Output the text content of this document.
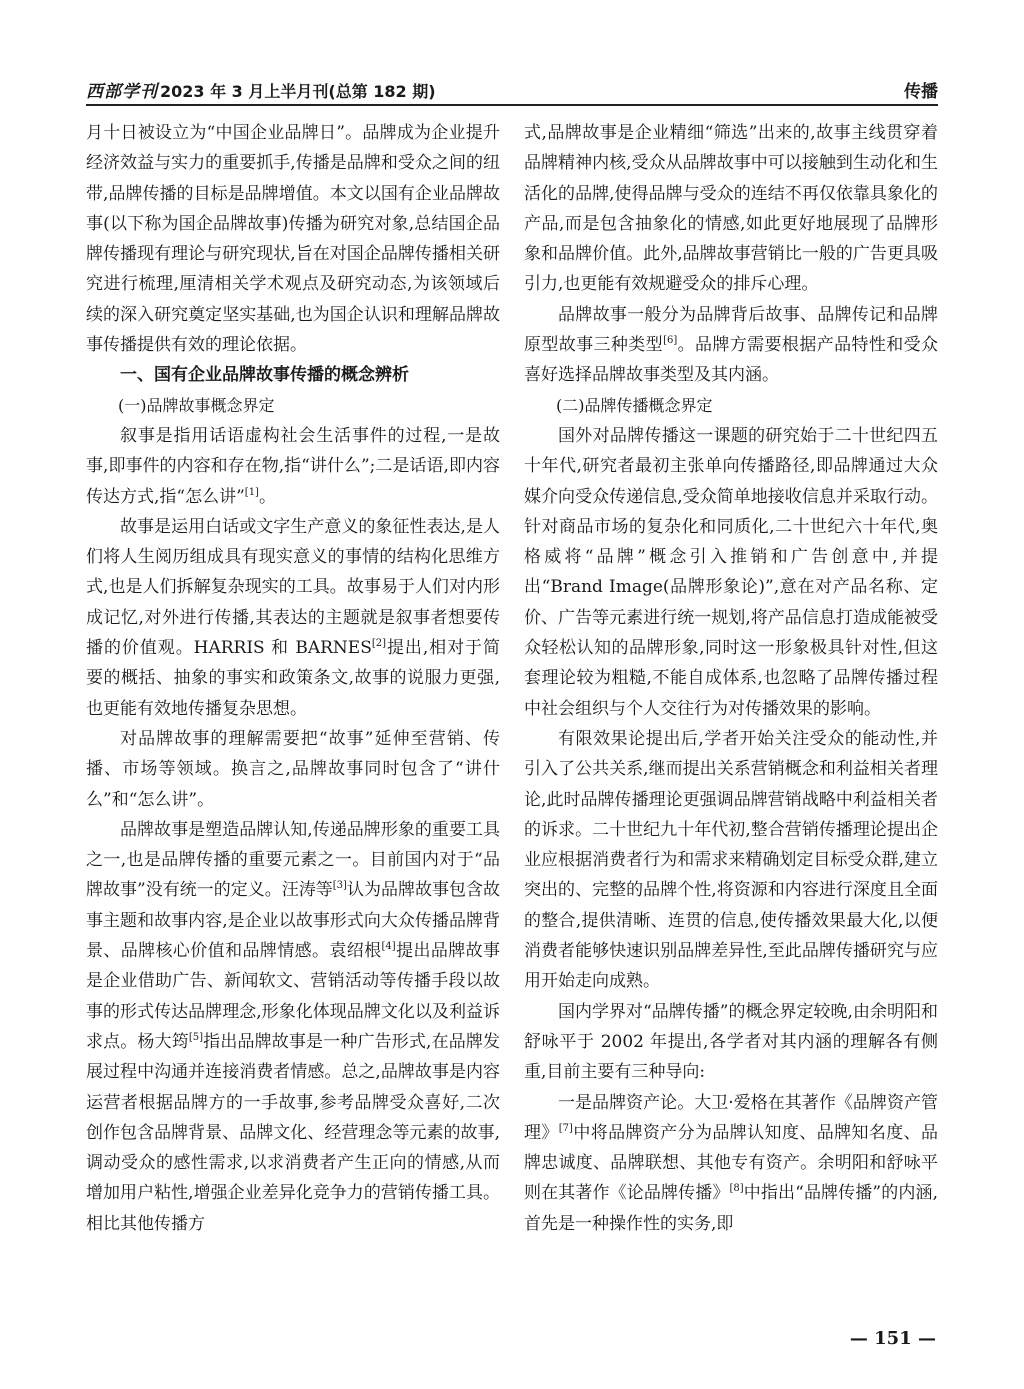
西部学刊 2023 年 3 月上半月刊(总第 182 期)	传播

月十日被设立为“中国企业品牌日”。品牌成为企业提升经济效益与实力的重要抓手,传播是品牌和受众之间的纽带,品牌传播的目标是品牌增值。本文以国有企业品牌故事(以下称为国企品牌故事)传播为研究对象,总结国企品牌传播现有理论与研究现状,旨在对国企品牌传播相关研究进行梳理,厘清相关学术观点及研究动态,为该领域后续的深入研究奠定坚实基础,也为国企认识和理解品牌故事传播提供有效的理论依据。

一、国有企业品牌故事传播的概念辨析
(一)品牌故事概念界定

叙事是指用话语虚构社会生活事件的过程,一是故事,即事件的内容和存在物,指“讲什么”;二是话语,即内容传达方式,指“怎么讲”[1]。

故事是运用白话或文字生产意义的象征性表达,是人们将人生阅历组成具有现实意义的事情的结构化思维方式,也是人们拆解复杂现实的工具。故事易于人们对内形成记忆,对外进行传播,其表达的主题就是叙事者想要传播的价值观。HARRIS 和 BARNES[2]提出,相对于简要的概括、抽象的事实和政策条文,故事的说服力更强,也更能有效地传播复杂思想。

对品牌故事的理解需要把“故事”延伸至营销、传播、市场等领域。换言之,品牌故事同时包含了“讲什么”和“怎么讲”。

品牌故事是塑造品牌认知,传递品牌形象的重要工具之一,也是品牌传播的重要元素之一。目前国内对于“品牌故事”没有统一的定义。汪涛等[3]认为品牌故事包含故事主题和故事内容,是企业以故事形式向大众传播品牌背景、品牌核心价值和品牌情感。袁绍根[4]提出品牌故事是企业借助广告、新闻软文、营销活动等传播手段以故事的形式传达品牌理念,形象化体现品牌文化以及利益诉求点。杨大筠[5]指出品牌故事是一种广告形式,在品牌发展过程中沟通并连接消费者情感。总之,品牌故事是内容运营者根据品牌方的一手故事,参考品牌受众喜好,二次创作包含品牌背景、品牌文化、经营理念等元素的故事,调动受众的感性需求,以求消费者产生正向的情感,从而增加用户粘性,增强企业差异化竞争力的营销传播工具。相比其他传播方

式,品牌故事是企业精细“筛选”出来的,故事主线贯穿着品牌精神内核,受众从品牌故事中可以接触到生动化和生活化的品牌,使得品牌与受众的连结不再仅依靠具象化的产品,而是包含抽象化的情感,如此更好地展现了品牌形象和品牌价值。此外,品牌故事营销比一般的广告更具吸引力,也更能有效规避受众的排斥心理。

品牌故事一般分为品牌背后故事、品牌传记和品牌原型故事三种类型[6]。品牌方需要根据产品特性和受众喜好选择品牌故事类型及其内涵。

(二)品牌传播概念界定

国外对品牌传播这一课题的研究始于二十世纪四五十年代,研究者最初主张单向传播路径,即品牌通过大众媒介向受众传递信息,受众简单地接收信息并采取行动。针对商品市场的复杂化和同质化,二十世纪六十年代,奥格威将“品牌”概念引入推销和广告创意中,并提出“Brand Image(品牌形象论)”,意在对产品名称、定价、广告等元素进行统一规划,将产品信息打造成能被受众轻松认知的品牌形象,同时这一形象极具针对性,但这套理论较为粗糙,不能自成体系,也忽略了品牌传播过程中社会组织与个人交往行为对传播效果的影响。

有限效果论提出后,学者开始关注受众的能动性,并引入了公共关系,继而提出关系营销概念和利益相关者理论,此时品牌传播理论更强调品牌营销战略中利益相关者的诉求。二十世纪九十年代初,整合营销传播理论提出企业应根据消费者行为和需求来精确划定目标受众群,建立突出的、完整的品牌个性,将资源和内容进行深度且全面的整合,提供清晰、连贯的信息,使传播效果最大化,以便消费者能够快速识别品牌差异性,至此品牌传播研究与应用开始走向成熟。

国内学界对“品牌传播”的概念界定较晚,由余明阳和舒咏平于 2002 年提出,各学者对其内涵的理解各有侧重,目前主要有三种导向:

一是品牌资产论。大卫·爱格在其著作《品牌资产管理》[7]中将品牌资产分为品牌认知度、品牌知名度、品牌忠诚度、品牌联想、其他专有资产。余明阳和舒咏平则在其著作《论品牌传播》[8]中指出“品牌传播”的内涵,首先是一种操作性的实务,即

— 151 —
